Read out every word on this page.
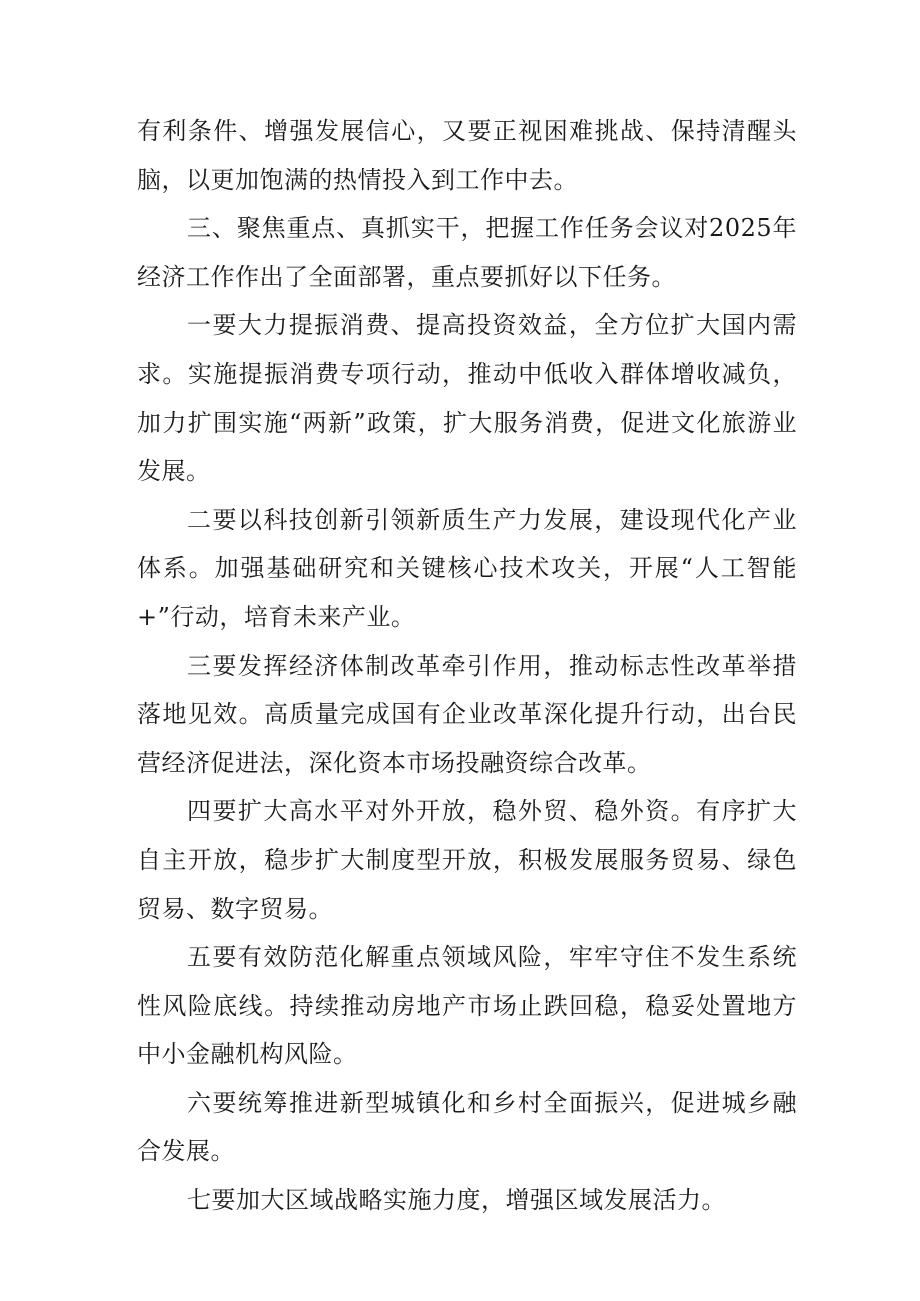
有利条件、增强发展信心，又要正视困难挑战、保持清醒头脑，以更加饱满的热情投入到工作中去。

三、聚焦重点、真抓实干，把握工作任务会议对2025年经济工作作出了全面部署，重点要抓好以下任务。

一要大力提振消费、提高投资效益，全方位扩大国内需求。实施提振消费专项行动，推动中低收入群体增收减负，加力扩围实施“两新”政策，扩大服务消费，促进文化旅游业发展。

二要以科技创新引领新质生产力发展，建设现代化产业体系。加强基础研究和关键核心技术攻关，开展“人工智能+”行动，培育未来产业。

三要发挥经济体制改革牵引作用，推动标志性改革举措落地见效。高质量完成国有企业改革深化提升行动，出台民营经济促进法，深化资本市场投融资综合改革。

四要扩大高水平对外开放，稳外贸、稳外资。有序扩大自主开放，稳步扩大制度型开放，积极发展服务贸易、绿色贸易、数字贸易。

五要有效防范化解重点领域风险，牢牢守住不发生系统性风险底线。持续推动房地产市场止跌回稳，稳妥处置地方中小金融机构风险。

六要统筹推进新型城镇化和乡村全面振兴，促进城乡融合发展。

七要加大区域战略实施力度，增强区域发展活力。
